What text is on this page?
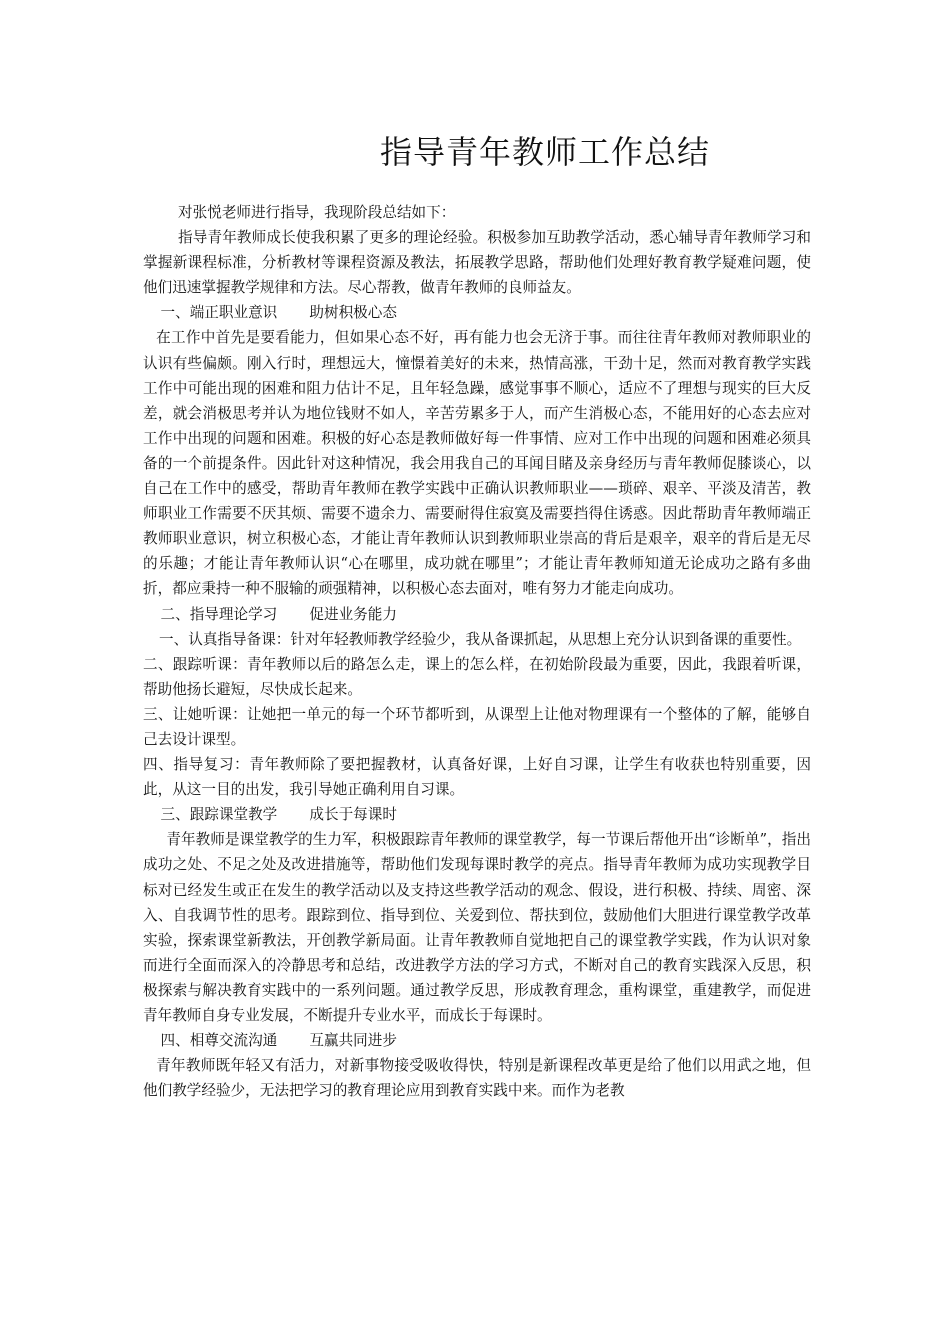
指导青年教师工作总结

对张悦老师进行指导，我现阶段总结如下：

指导青年教师成长使我积累了更多的理论经验。积极参加互助教学活动，悉心辅导青年教师学习和掌握新课程标准，分析教材等课程资源及教法，拓展教学思路，帮助他们处理好教育教学疑难问题，使他们迅速掌握教学规律和方法。尽心帮教，做青年教师的良师益友。

一、端正职业意识 助树积极心态

在工作中首先是要看能力，但如果心态不好，再有能力也会无济于事。而往往青年教师对教师职业的认识有些偏颇。刚入行时，理想远大，憧憬着美好的未来，热情高涨，干劲十足，然而对教育教学实践工作中可能出现的困难和阻力估计不足，且年轻急躁，感觉事事不顺心，适应不了理想与现实的巨大反差，就会消极思考并认为地位钱财不如人，辛苦劳累多于人，而产生消极心态，不能用好的心态去应对工作中出现的问题和困难。积极的好心态是教师做好每一件事情、应对工作中出现的问题和困难必须具备的一个前提条件。因此针对这种情况，我会用我自己的耳闻目睹及亲身经历与青年教师促膝谈心，以自己在工作中的感受，帮助青年教师在教学实践中正确认识教师职业——琐碎、艰辛、平淡及清苦，教师职业工作需要不厌其烦、需要不遗余力、需要耐得住寂寞及需要挡得住诱惑。因此帮助青年教师端正教师职业意识，树立积极心态，才能让青年教师认识到教师职业崇高的背后是艰辛，艰辛的背后是无尽的乐趣；才能让青年教师认识“心在哪里，成功就在哪里”；才能让青年教师知道无论成功之路有多曲折，都应秉持一种不服输的顽强精神，以积极心态去面对，唯有努力才能走向成功。

二、指导理论学习 促进业务能力

一、认真指导备课：针对年轻教师教学经验少，我从备课抓起，从思想上充分认识到备课的重要性。

二、跟踪听课：青年教师以后的路怎么走，课上的怎么样，在初始阶段最为重要，因此，我跟着听课，帮助他扬长避短，尽快成长起来。

三、让她听课：让她把一单元的每一个环节都听到，从课型上让他对物理课有一个整体的了解，能够自己去设计课型。

四、指导复习：青年教师除了要把握教材，认真备好课，上好自习课，让学生有收获也特别重要，因此，从这一目的出发，我引导她正确利用自习课。

三、跟踪课堂教学 成长于每课时

青年教师是课堂教学的生力军，积极跟踪青年教师的课堂教学，每一节课后帮他开出“诊断单”，指出成功之处、不足之处及改进措施等，帮助他们发现每课时教学的亮点。指导青年教师为成功实现教学目标对已经发生或正在发生的教学活动以及支持这些教学活动的观念、假设，进行积极、持续、周密、深入、自我调节性的思考。跟踪到位、指导到位、关爱到位、帮扶到位，鼓励他们大胆进行课堂教学改革实验，探索课堂新教法，开创教学新局面。让青年教教师自觉地把自己的课堂教学实践，作为认识对象而进行全面而深入的冷静思考和总结，改进教学方法的学习方式，不断对自己的教育实践深入反思，积极探索与解决教育实践中的一系列问题。通过教学反思，形成教育理念，重构课堂，重建教学，而促进青年教师自身专业发展，不断提升专业水平，而成长于每课时。

四、相尊交流沟通 互赢共同进步

青年教师既年轻又有活力，对新事物接受吸收得快，特别是新课程改革更是给了他们以用武之地，但他们教学经验少，无法把学习的教育理论应用到教育实践中来。而作为老教
